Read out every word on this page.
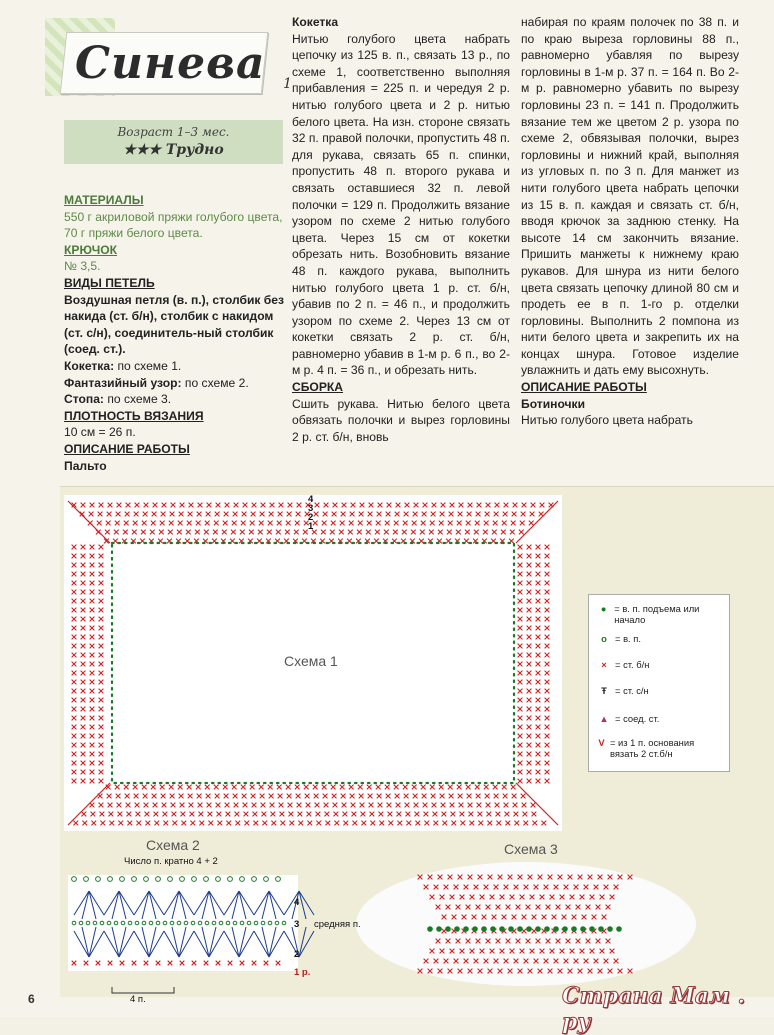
Синева 1
Возраст 1–3 мес.
★★★ Трудно

МАТЕРИАЛЫ

550 г акриловой пряжи голубого цвета, 70 г пряжи белого цвета.

КРЮЧОК

№ 3,5.

ВИДЫ ПЕТЕЛЬ

Воздушная петля (в. п.), столбик без накида (ст. б/н), столбик с накидом (ст. с/н), соединитель-ный столбик (соед. ст.).

Кокетка: по схеме 1.

Фантазийный узор: по схеме 2.

Стопа: по схеме 3.

ПЛОТНОСТЬ ВЯЗАНИЯ

10 см = 26 п.

ОПИСАНИЕ РАБОТЫ

Пальто

Кокетка

Нитью голубого цвета набрать цепочку из 125 в. п., связать 13 р., по схеме 1, соответственно выполняя прибавления = 225 п. и чередуя 2 р. нитью голубого цвета и 2 р. нитью белого цвета. На изн. стороне связать 32 п. правой полочки, пропустить 48 п. для рукава, связать 65 п. спинки, пропустить 48 п. второго рукава и связать оставшиеся 32 п. левой полочки = 129 п. Продолжить вязание узором по схеме 2 нитью голубого цвета. Через 15 см от кокетки обрезать нить. Возобновить вязание 48 п. каждого рукава, выполнить нитью голубого цвета 1 р. ст. б/н, убавив по 2 п. = 46 п., и продолжить узором по схеме 2. Через 13 см от кокетки связать 2 р. ст. б/н, равномерно убавив в 1-м р. 6 п., во 2-м р. 4 п. = 36 п., и обрезать нить.

СБОРКА

Сшить рукава. Нитью белого цвета обвязать полочки и вырез горловины 2 р. ст. б/н, вновь

набирая по краям полочек по 38 п. и по краю выреза горловины 88 п., равномерно убавляя по вырезу горловины в 1-м р. 37 п. = 164 п. Во 2-м р. равномерно убавить по вырезу горловины 23 п. = 141 п. Продолжить вязание тем же цветом 2 р. узора по схеме 2, обвязывая полочки, вырез горловины и нижний край, выполняя из угловых п. по 3 п. Для манжет из нити голубого цвета набрать цепочки из 15 в. п. каждая и связать ст. б/н, вводя крючок за заднюю стенку. На высоте 14 см закончить вязание. Пришить манжеты к нижнему краю рукавов. Для шнура из нити белого цвета связать цепочку длиной 80 см и продеть ее в п. 1-го р. отделки горловины. Выполнить 2 помпона из нити белого цвета и закрепить их на концах шнура. Готовое изделие увлажнить и дать ему высохнуть.

ОПИСАНИЕ РАБОТЫ

Ботиночки

Нитью голубого цвета набрать

Схема 1
4
3
2
1
Схема 2
Число п. кратно 4 + 2
4
3
2
1 р.
4 п.
Схема 3
средняя п.
● = в. п. подъема или начало
o = в. п.
× = ст. б/н
Ŧ = ст. с/н
▲ = соед. ст.
V = из 1 п. основания вязать 2 ст.б/н
6	Страна Мам . ру
